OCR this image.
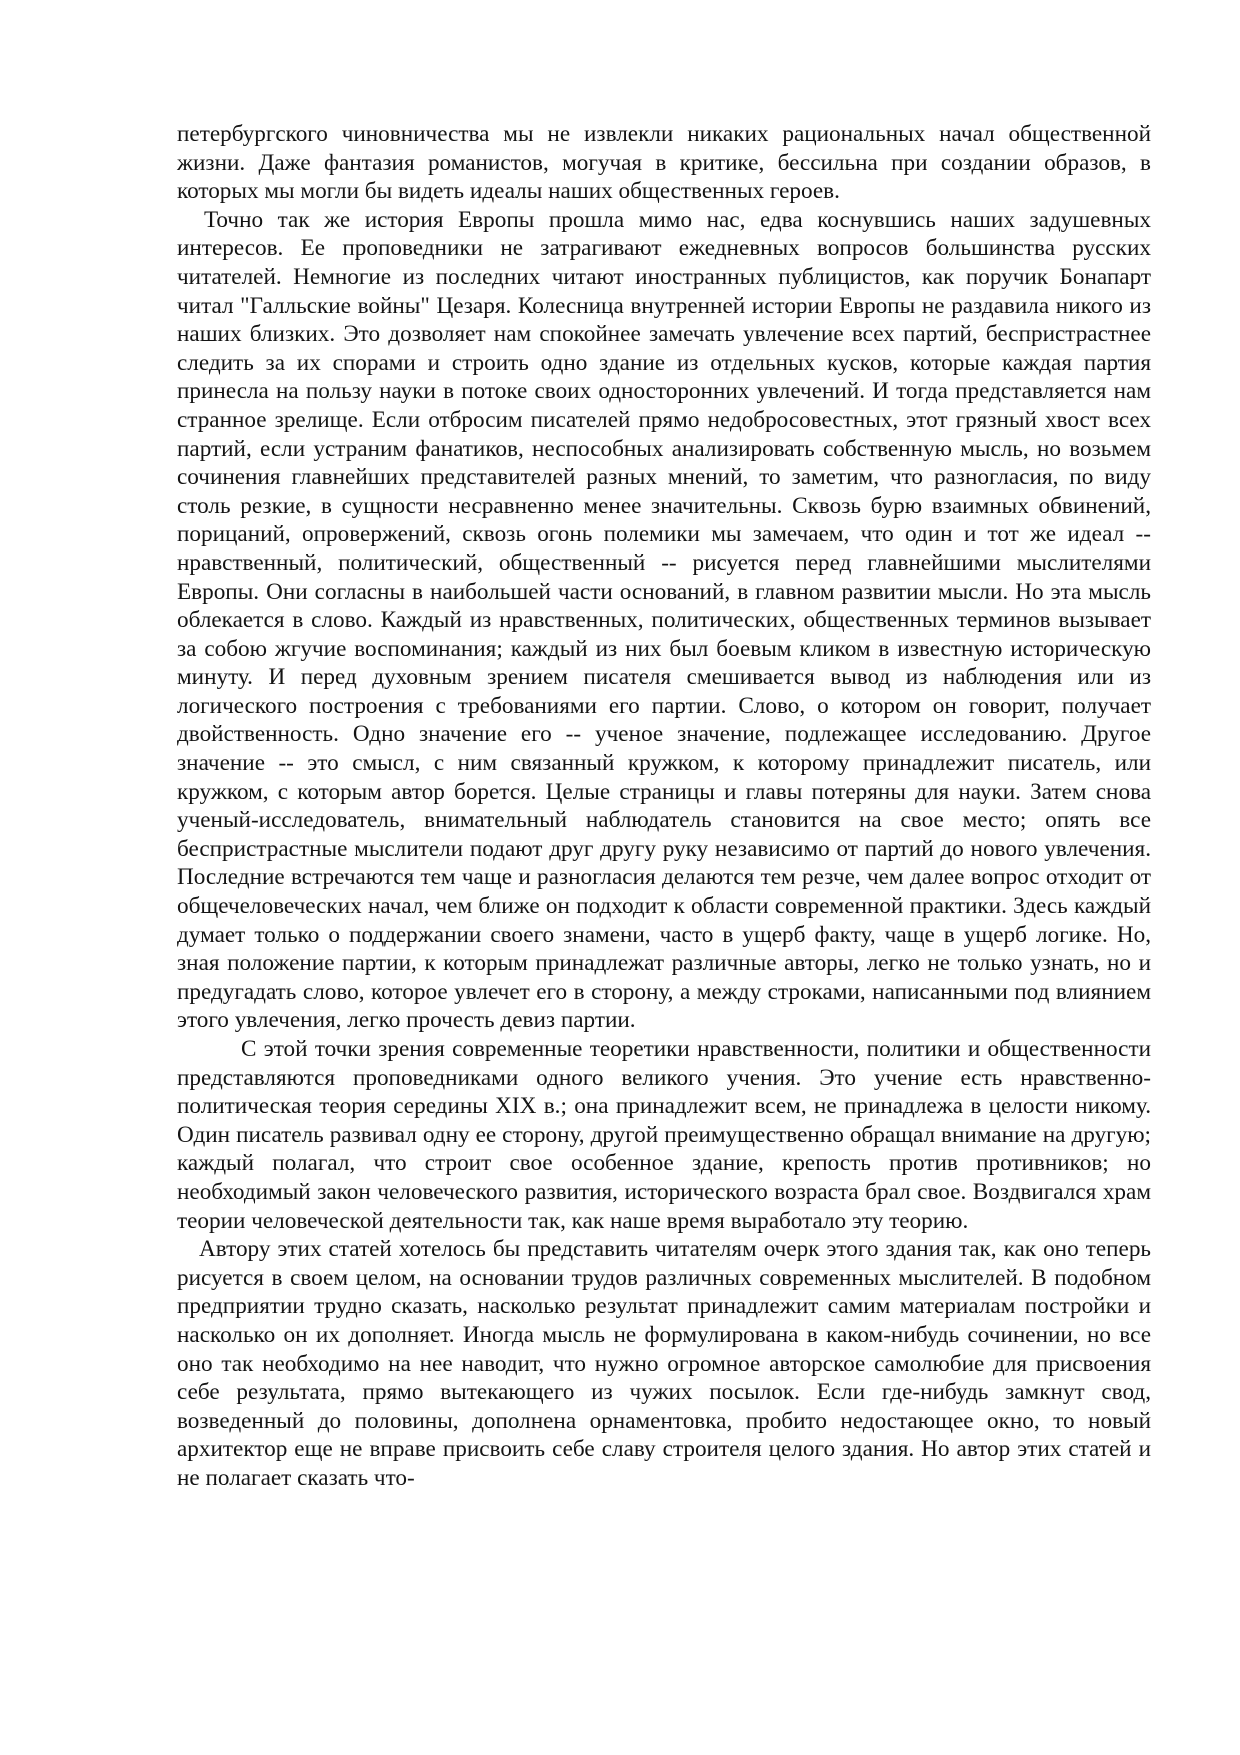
петербургского чиновничества мы не извлекли никаких рациональных начал общественной жизни. Даже фантазия романистов, могучая в критике, бессильна при создании образов, в которых мы могли бы видеть идеалы наших общественных героев.

Точно так же история Европы прошла мимо нас, едва коснувшись наших задушевных интересов. Ее проповедники не затрагивают ежедневных вопросов большинства русских читателей. Немногие из последних читают иностранных публицистов, как поручик Бонапарт читал "Галльские войны" Цезаря. Колесница внутренней истории Европы не раздавила никого из наших близких. Это дозволяет нам спокойнее замечать увлечение всех партий, беспристрастнее следить за их спорами и строить одно здание из отдельных кусков, которые каждая партия принесла на пользу науки в потоке своих односторонних увлечений. И тогда представляется нам странное зрелище. Если отбросим писателей прямо недобросовестных, этот грязный хвост всех партий, если устраним фанатиков, неспособных анализировать собственную мысль, но возьмем сочинения главнейших представителей разных мнений, то заметим, что разногласия, по виду столь резкие, в сущности несравненно менее значительны. Сквозь бурю взаимных обвинений, порицаний, опровержений, сквозь огонь полемики мы замечаем, что один и тот же идеал -- нравственный, политический, общественный -- рисуется перед главнейшими мыслителями Европы. Они согласны в наибольшей части оснований, в главном развитии мысли. Но эта мысль облекается в слово. Каждый из нравственных, политических, общественных терминов вызывает за собою жгучие воспоминания; каждый из них был боевым кликом в известную историческую минуту. И перед духовным зрением писателя смешивается вывод из наблюдения или из логического построения с требованиями его партии. Слово, о котором он говорит, получает двойственность. Одно значение его -- ученое значение, подлежащее исследованию. Другое значение -- это смысл, с ним связанный кружком, к которому принадлежит писатель, или кружком, с которым автор борется. Целые страницы и главы потеряны для науки. Затем снова ученый-исследователь, внимательный наблюдатель становится на свое место; опять все беспристрастные мыслители подают друг другу руку независимо от партий до нового увлечения. Последние встречаются тем чаще и разногласия делаются тем резче, чем далее вопрос отходит от общечеловеческих начал, чем ближе он подходит к области современной практики. Здесь каждый думает только о поддержании своего знамени, часто в ущерб факту, чаще в ущерб логике. Но, зная положение партии, к которым принадлежат различные авторы, легко не только узнать, но и предугадать слово, которое увлечет его в сторону, а между строками, написанными под влиянием этого увлечения, легко прочесть девиз партии.

С этой точки зрения современные теоретики нравственности, политики и общественности представляются проповедниками одного великого учения. Это учение есть нравственно-политическая теория середины XIX в.; она принадлежит всем, не принадлежа в целости никому. Один писатель развивал одну ее сторону, другой преимущественно обращал внимание на другую; каждый полагал, что строит свое особенное здание, крепость против противников; но необходимый закон человеческого развития, исторического возраста брал свое. Воздвигался храм теории человеческой деятельности так, как наше время выработало эту теорию.

Автору этих статей хотелось бы представить читателям очерк этого здания так, как оно теперь рисуется в своем целом, на основании трудов различных современных мыслителей. В подобном предприятии трудно сказать, насколько результат принадлежит самим материалам постройки и насколько он их дополняет. Иногда мысль не формулирована в каком-нибудь сочинении, но все оно так необходимо на нее наводит, что нужно огромное авторское самолюбие для присвоения себе результата, прямо вытекающего из чужих посылок. Если где-нибудь замкнут свод, возведенный до половины, дополнена орнаментовка, пробито недостающее окно, то новый архитектор еще не вправе присвоить себе славу строителя целого здания. Но автор этих статей и не полагает сказать что-
